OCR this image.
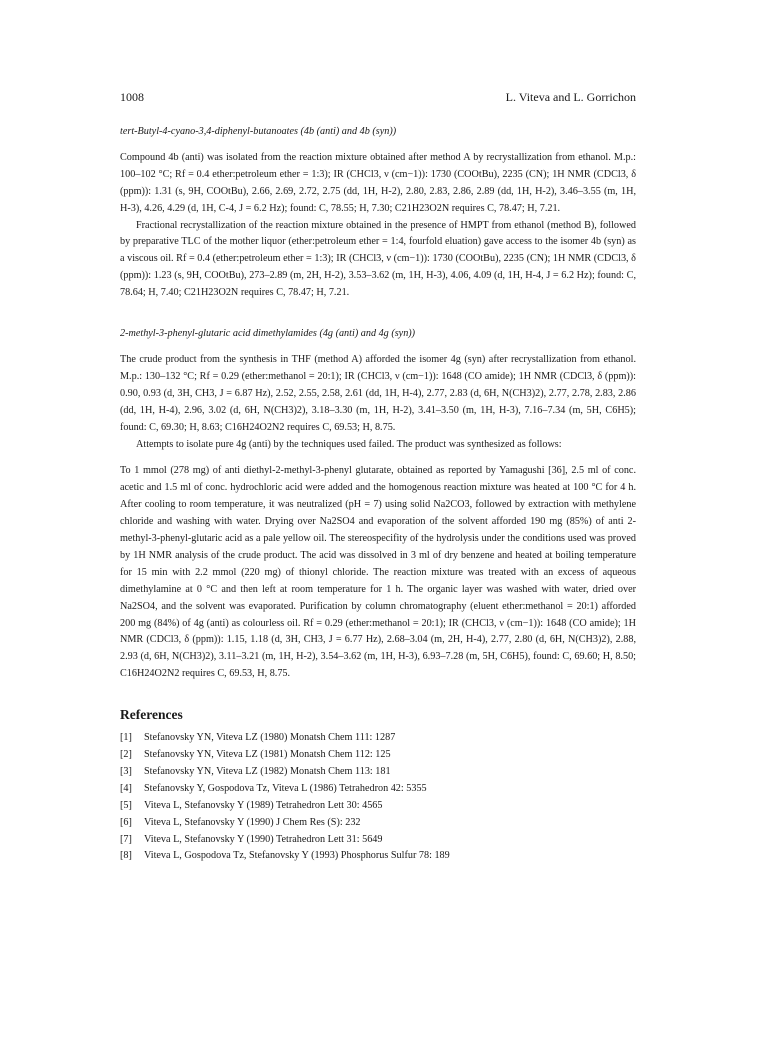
1008	L. Viteva and L. Gorrichon

tert-Butyl-4-cyano-3,4-diphenyl-butanoates (4b (anti) and 4b (syn))

Compound 4b (anti) was isolated from the reaction mixture obtained after method A by recrystallization from ethanol. M.p.: 100–102 °C; Rf = 0.4 ether:petroleum ether = 1:3); IR (CHCl3, ν (cm−1)): 1730 (COOtBu), 2235 (CN); 1H NMR (CDCl3, δ (ppm)): 1.31 (s, 9H, COOtBu), 2.66, 2.69, 2.72, 2.75 (dd, 1H, H-2), 2.80, 2.83, 2.86, 2.89 (dd, 1H, H-2), 3.46–3.55 (m, 1H, H-3), 4.26, 4.29 (d, 1H, C-4, J = 6.2 Hz); found: C, 78.55; H, 7.30; C21H23O2N requires C, 78.47; H, 7.21.

Fractional recrystallization of the reaction mixture obtained in the presence of HMPT from ethanol (method B), followed by preparative TLC of the mother liquor (ether:petroleum ether = 1:4, fourfold eluation) gave access to the isomer 4b (syn) as a viscous oil. Rf = 0.4 (ether:petroleum ether = 1:3); IR (CHCl3, ν (cm−1)): 1730 (COOtBu), 2235 (CN); 1H NMR (CDCl3, δ (ppm)): 1.23 (s, 9H, COOtBu), 273–2.89 (m, 2H, H-2), 3.53–3.62 (m, 1H, H-3), 4.06, 4.09 (d, 1H, H-4, J = 6.2 Hz); found: C, 78.64; H, 7.40; C21H23O2N requires C, 78.47; H, 7.21.

2-methyl-3-phenyl-glutaric acid dimethylamides (4g (anti) and 4g (syn))

The crude product from the synthesis in THF (method A) afforded the isomer 4g (syn) after recrystallization from ethanol. M.p.: 130–132 °C; Rf = 0.29 (ether:methanol = 20:1); IR (CHCl3, ν (cm−1)): 1648 (CO amide); 1H NMR (CDCl3, δ (ppm)): 0.90, 0.93 (d, 3H, CH3, J = 6.87 Hz), 2.52, 2.55, 2.58, 2.61 (dd, 1H, H-4), 2.77, 2.83 (d, 6H, N(CH3)2), 2.77, 2.78, 2.83, 2.86 (dd, 1H, H-4), 2.96, 3.02 (d, 6H, N(CH3)2), 3.18–3.30 (m, 1H, H-2), 3.41–3.50 (m, 1H, H-3), 7.16–7.34 (m, 5H, C6H5); found: C, 69.30; H, 8.63; C16H24O2N2 requires C, 69.53; H, 8.75.

Attempts to isolate pure 4g (anti) by the techniques used failed. The product was synthesized as follows:

To 1 mmol (278 mg) of anti diethyl-2-methyl-3-phenyl glutarate, obtained as reported by Yamagushi [36], 2.5 ml of conc. acetic and 1.5 ml of conc. hydrochloric acid were added and the homogenous reaction mixture was heated at 100 °C for 4 h. After cooling to room temperature, it was neutralized (pH = 7) using solid Na2CO3, followed by extraction with methylene chloride and washing with water. Drying over Na2SO4 and evaporation of the solvent afforded 190 mg (85%) of anti 2-methyl-3-phenyl-glutaric acid as a pale yellow oil. The stereospecifity of the hydrolysis under the conditions used was proved by 1H NMR analysis of the crude product. The acid was dissolved in 3 ml of dry benzene and heated at boiling temperature for 15 min with 2.2 mmol (220 mg) of thionyl chloride. The reaction mixture was treated with an excess of aqueous dimethylamine at 0 °C and then left at room temperature for 1 h. The organic layer was washed with water, dried over Na2SO4, and the solvent was evaporated. Purification by column chromatography (eluent ether:methanol = 20:1) afforded 200 mg (84%) of 4g (anti) as colourless oil. Rf = 0.29 (ether:methanol = 20:1); IR (CHCl3, ν (cm−1)): 1648 (CO amide); 1H NMR (CDCl3, δ (ppm)): 1.15, 1.18 (d, 3H, CH3, J = 6.77 Hz), 2.68–3.04 (m, 2H, H-4), 2.77, 2.80 (d, 6H, N(CH3)2), 2.88, 2.93 (d, 6H, N(CH3)2), 3.11–3.21 (m, 1H, H-2), 3.54–3.62 (m, 1H, H-3), 6.93–7.28 (m, 5H, C6H5), found: C, 69.60; H, 8.50; C16H24O2N2 requires C, 69.53, H, 8.75.

References
[1]	Stefanovsky YN, Viteva LZ (1980) Monatsh Chem 111: 1287
[2]	Stefanovsky YN, Viteva LZ (1981) Monatsh Chem 112: 125
[3]	Stefanovsky YN, Viteva LZ (1982) Monatsh Chem 113: 181
[4]	Stefanovsky Y, Gospodova Tz, Viteva L (1986) Tetrahedron 42: 5355
[5]	Viteva L, Stefanovsky Y (1989) Tetrahedron Lett 30: 4565
[6]	Viteva L, Stefanovsky Y (1990) J Chem Res (S): 232
[7]	Viteva L, Stefanovsky Y (1990) Tetrahedron Lett 31: 5649
[8]	Viteva L, Gospodova Tz, Stefanovsky Y (1993) Phosphorus Sulfur 78: 189
